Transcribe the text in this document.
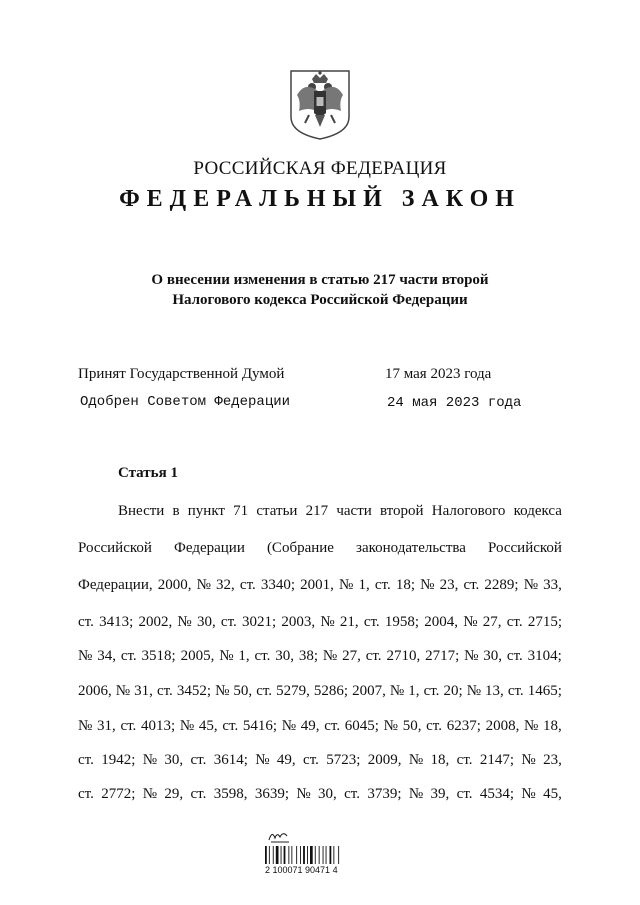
РОССИЙСКАЯ ФЕДЕРАЦИЯ
ФЕДЕРАЛЬНЫЙ ЗАКОН
О внесении изменения в статью 217 части второй
Налогового кодекса Российской Федерации
Принят Государственной Думой	17 мая 2023 года
Одобрен Советом Федерации	24 мая 2023 года
Статья 1
Внести в пункт 71 статьи 217 части второй Налогового кодекса
Российской Федерации (Собрание законодательства Российской
Федерации, 2000, № 32, ст. 3340; 2001, № 1, ст. 18; № 23, ст. 2289; № 33,
ст. 3413; 2002, № 30, ст. 3021; 2003, № 21, ст. 1958; 2004, № 27, ст. 2715;
№ 34, ст. 3518; 2005, № 1, ст. 30, 38; № 27, ст. 2710, 2717; № 30, ст. 3104;
2006, № 31, ст. 3452; № 50, ст. 5279, 5286; 2007, № 1, ст. 20; № 13, ст. 1465;
№ 31, ст. 4013; № 45, ст. 5416; № 49, ст. 6045; № 50, ст. 6237; 2008, № 18,
ст. 1942; № 30, ст. 3614; № 49, ст. 5723; 2009, № 18, ст. 2147; № 23,
ст. 2772; № 29, ст. 3598, 3639; № 30, ст. 3739; № 39, ст. 4534; № 45,
2 100071 90471 4
